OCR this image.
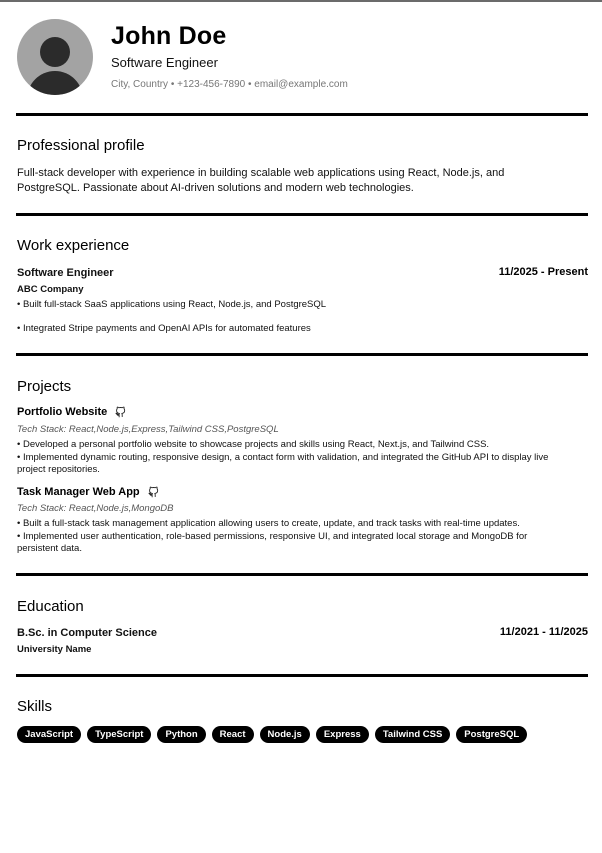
John Doe
Software Engineer
City, Country • +123-456-7890 • email@example.com
Professional profile
Full-stack developer with experience in building scalable web applications using React, Node.js, and
PostgreSQL. Passionate about AI-driven solutions and modern web technologies.
Work experience
Software Engineer	11/2025 - Present
ABC Company
• Built full-stack SaaS applications using React, Node.js, and PostgreSQL
• Integrated Stripe payments and OpenAI APIs for automated features
Projects
Portfolio Website
Tech Stack: React,Node.js,Express,Tailwind CSS,PostgreSQL
• Developed a personal portfolio website to showcase projects and skills using React, Next.js, and Tailwind CSS.
• Implemented dynamic routing, responsive design, a contact form with validation, and integrated the GitHub API to display live
project repositories.
Task Manager Web App
Tech Stack: React,Node.js,MongoDB
• Built a full-stack task management application allowing users to create, update, and track tasks with real-time updates.
• Implemented user authentication, role-based permissions, responsive UI, and integrated local storage and MongoDB for
persistent data.
Education
B.Sc. in Computer Science	11/2021 - 11/2025
University Name
Skills
JavaScript	TypeScript	Python	React	Node.js	Express	Tailwind CSS	PostgreSQL
